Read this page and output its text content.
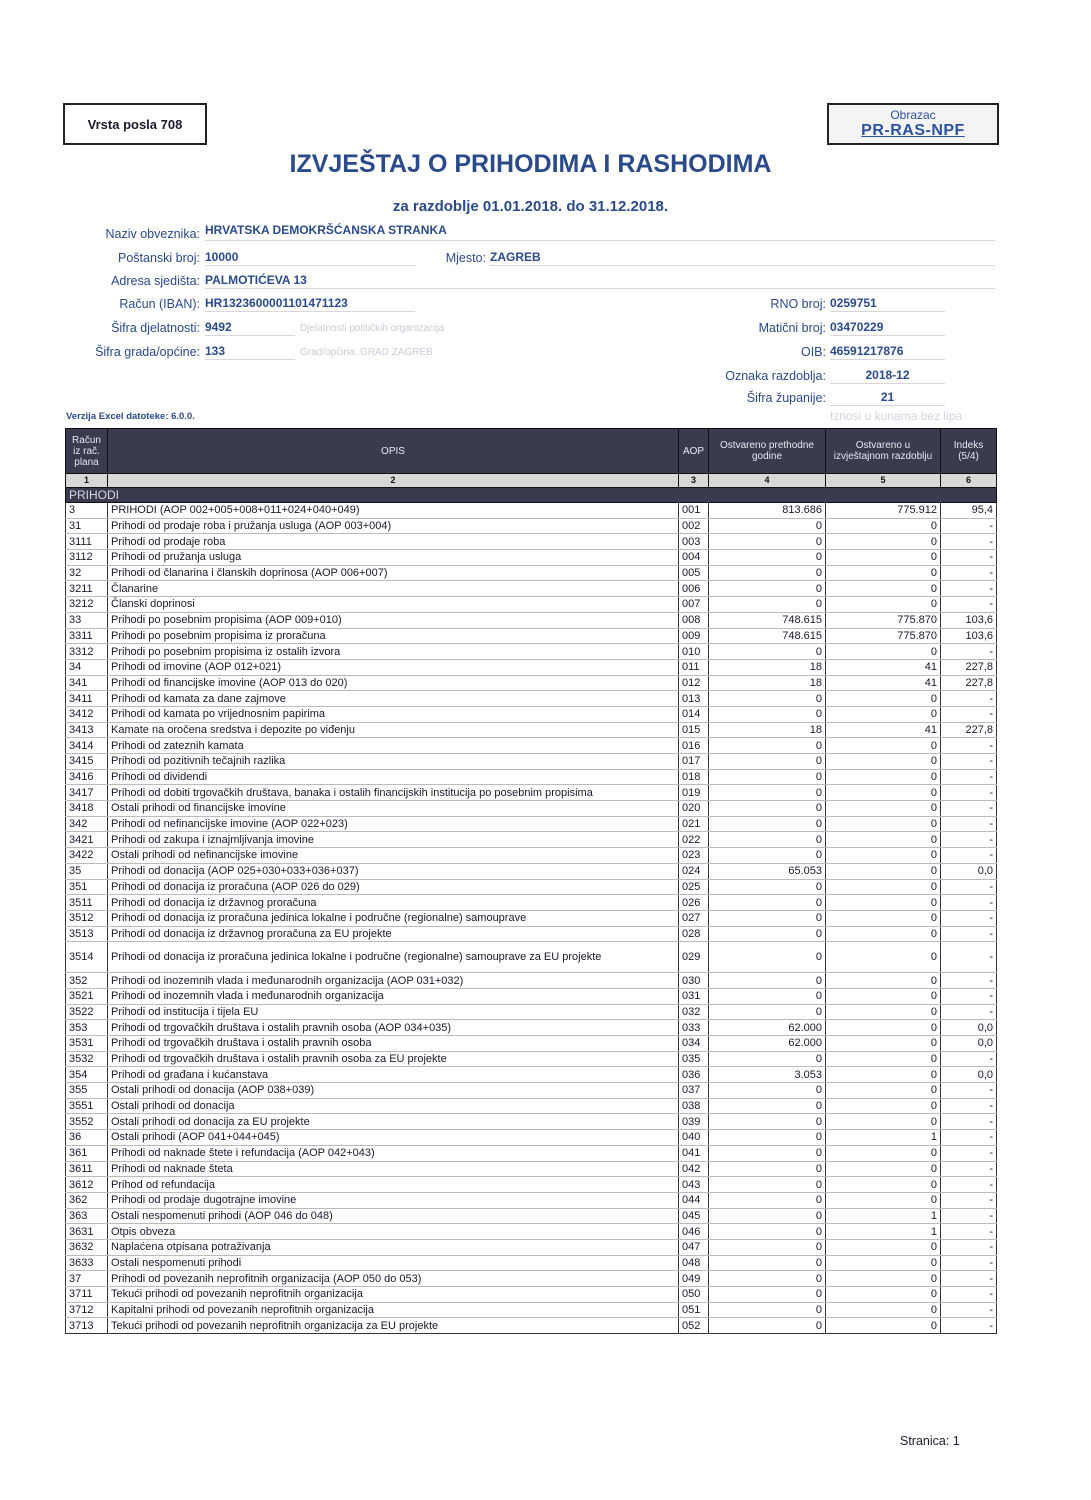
Vrsta posla 708
Obrazac
PR-RAS-NPF
IZVJEŠTAJ O PRIHODIMA I RASHODIMA
za razdoblje 01.01.2018. do 31.12.2018.
Naziv obveznika: HRVATSKA DEMOKRŠĆANSKA STRANKA
Poštanski broj: 10000	Mjesto: ZAGREB
Adresa sjedišta: PALMOTIĆEVA 13
Račun (IBAN): HR1323600001101471123	RNO broj: 0259751
Šifra djelatnosti: 9492	Djelatnosti političkih organizacija	Matični broj: 03470229
Šifra grada/općine: 133	Grad/općina: GRAD ZAGREB	OIB: 46591217876
Oznaka razdoblja:	2018-12
Šifra županije:	21
Verzija Excel datoteke: 6.0.0.	Iznosi u kunama bez lipa
Račun iz rač. plana	OPIS	AOP	Ostvareno prethodne godine	Ostvareno u izvještajnom razdoblju	Indeks (5/4)
1	2	3	4	5	6
PRIHODI					
3	PRIHODI (AOP 002+005+008+011+024+040+049)	001	813.686	775.912	95,4
31	Prihodi od prodaje roba i pružanja usluga (AOP 003+004)	002	0	0	-
3111	Prihodi od prodaje roba	003	0	0	-
3112	Prihodi od pružanja usluga	004	0	0	-
32	Prihodi od članarina i članskih doprinosa (AOP 006+007)	005	0	0	-
3211	Članarine	006	0	0	-
3212	Članski doprinosi	007	0	0	-
33	Prihodi po posebnim propisima (AOP 009+010)	008	748.615	775.870	103,6
3311	Prihodi po posebnim propisima iz proračuna	009	748.615	775.870	103,6
3312	Prihodi po posebnim propisima iz ostalih izvora	010	0	0	-
34	Prihodi od imovine (AOP 012+021)	011	18	41	227,8
341	Prihodi od financijske imovine (AOP 013 do 020)	012	18	41	227,8
3411	Prihodi od kamata za dane zajmove	013	0	0	-
3412	Prihodi od kamata po vrijednosnim papirima	014	0	0	-
3413	Kamate na oročena sredstva i depozite po viđenju	015	18	41	227,8
3414	Prihodi od zateznih kamata	016	0	0	-
3415	Prihodi od pozitivnih tečajnih razlika	017	0	0	-
3416	Prihodi od dividendi	018	0	0	-
3417	Prihodi od dobiti trgovačkih društava, banaka i ostalih financijskih institucija po posebnim propisima	019	0	0	-
3418	Ostali prihodi od financijske imovine	020	0	0	-
342	Prihodi od nefinancijske imovine (AOP 022+023)	021	0	0	-
3421	Prihodi od zakupa i iznajmljivanja imovine	022	0	0	-
3422	Ostali prihodi od nefinancijske imovine	023	0	0	-
35	Prihodi od donacija (AOP 025+030+033+036+037)	024	65.053	0	0,0
351	Prihodi od donacija iz proračuna (AOP 026 do 029)	025	0	0	-
3511	Prihodi od donacija iz državnog proračuna	026	0	0	-
3512	Prihodi od donacija iz proračuna jedinica lokalne i područne (regionalne) samouprave	027	0	0	-
3513	Prihodi od donacija iz državnog proračuna za EU projekte	028	0	0	-
3514	Prihodi od donacija iz proračuna jedinica lokalne i područne (regionalne) samouprave za EU projekte	029	0	0	-
352	Prihodi od inozemnih vlada i međunarodnih organizacija (AOP 031+032)	030	0	0	-
3521	Prihodi od inozemnih vlada i međunarodnih organizacija	031	0	0	-
3522	Prihodi od institucija i tijela EU	032	0	0	-
353	Prihodi od trgovačkih društava i ostalih pravnih osoba (AOP 034+035)	033	62.000	0	0,0
3531	Prihodi od trgovačkih društava i ostalih pravnih osoba	034	62.000	0	0,0
3532	Prihodi od trgovačkih društava i ostalih pravnih osoba za EU projekte	035	0	0	-
354	Prihodi od građana i kućanstava	036	3.053	0	0,0
355	Ostali prihodi od donacija (AOP 038+039)	037	0	0	-
3551	Ostali prihodi od donacija	038	0	0	-
3552	Ostali prihodi od donacija za EU projekte	039	0	0	-
36	Ostali prihodi (AOP 041+044+045)	040	0	1	-
361	Prihodi od naknade štete i refundacija (AOP 042+043)	041	0	0	-
3611	Prihodi od naknade šteta	042	0	0	-
3612	Prihod od refundacija	043	0	0	-
362	Prihodi od prodaje dugotrajne imovine	044	0	0	-
363	Ostali nespomenuti prihodi (AOP 046 do 048)	045	0	1	-
3631	Otpis obveza	046	0	1	-
3632	Naplaćena otpisana potraživanja	047	0	0	-
3633	Ostali nespomenuti prihodi	048	0	0	-
37	Prihodi od povezanih neprofitnih organizacija (AOP 050 do 053)	049	0	0	-
3711	Tekući prihodi od povezanih neprofitnih organizacija	050	0	0	-
3712	Kapitalni prihodi od povezanih neprofitnih organizacija	051	0	0	-
3713	Tekući prihodi od povezanih neprofitnih organizacija za EU projekte	052	0	0	-
Stranica: 1
